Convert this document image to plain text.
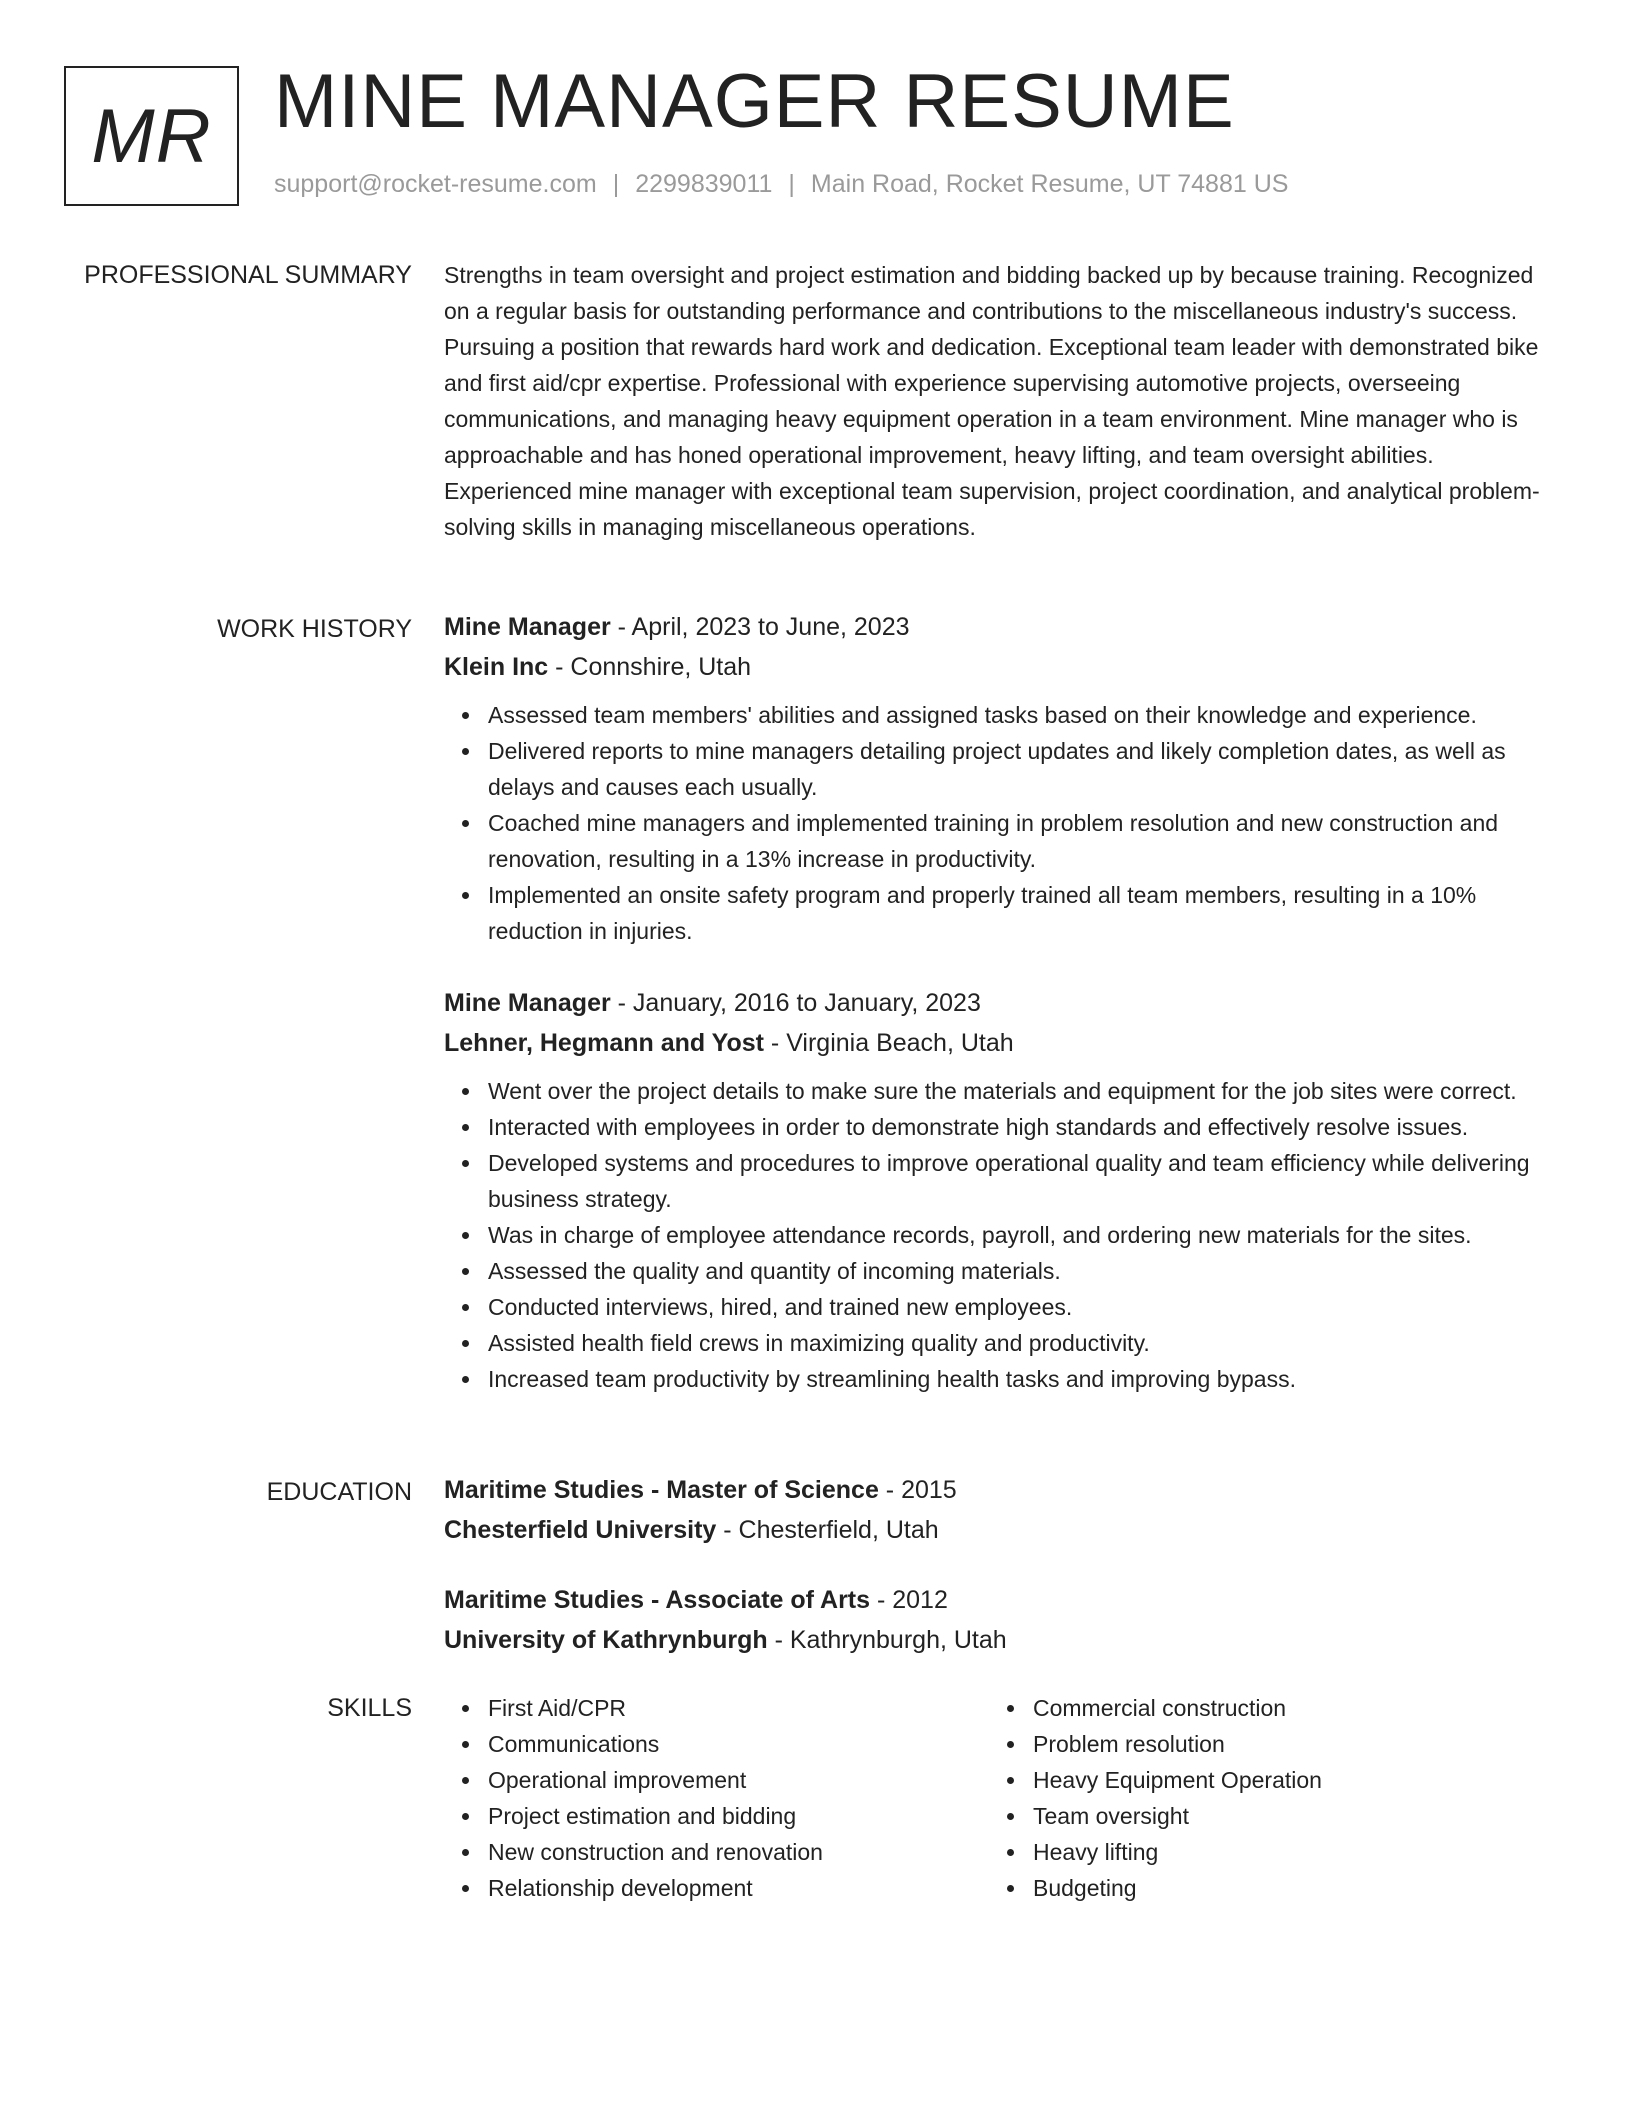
MR MINE MANAGER RESUME
support@rocket-resume.com | 2299839011 | Main Road, Rocket Resume, UT 74881 US
PROFESSIONAL SUMMARY Strengths in team oversight and project estimation and bidding backed up by because training. Recognized on a regular basis for outstanding performance and contributions to the miscellaneous industry's success. Pursuing a position that rewards hard work and dedication. Exceptional team leader with demonstrated bike and first aid/cpr expertise. Professional with experience supervising automotive projects, overseeing communications, and managing heavy equipment operation in a team environment. Mine manager who is approachable and has honed operational improvement, heavy lifting, and team oversight abilities. Experienced mine manager with exceptional team supervision, project coordination, and analytical problem-solving skills in managing miscellaneous operations.

WORK HISTORY Mine Manager - April, 2023 to June, 2023
Klein Inc - Connshire, Utah
Assessed team members' abilities and assigned tasks based on their knowledge and experience.
Delivered reports to mine managers detailing project updates and likely completion dates, as well as delays and causes each usually.
Coached mine managers and implemented training in problem resolution and new construction and renovation, resulting in a 13% increase in productivity.
Implemented an onsite safety program and properly trained all team members, resulting in a 10% reduction in injuries.
Mine Manager - January, 2016 to January, 2023
Lehner, Hegmann and Yost - Virginia Beach, Utah
Went over the project details to make sure the materials and equipment for the job sites were correct.
Interacted with employees in order to demonstrate high standards and effectively resolve issues.
Developed systems and procedures to improve operational quality and team efficiency while delivering business strategy.
Was in charge of employee attendance records, payroll, and ordering new materials for the sites.
Assessed the quality and quantity of incoming materials.
Conducted interviews, hired, and trained new employees.
Assisted health field crews in maximizing quality and productivity.
Increased team productivity by streamlining health tasks and improving bypass.
EDUCATION Maritime Studies - Master of Science - 2015
Chesterfield University - Chesterfield, Utah
Maritime Studies - Associate of Arts - 2012
University of Kathrynburgh - Kathrynburgh, Utah
SKILLS	First Aid/CPR
Communications
Operational improvement
Project estimation and bidding
New construction and renovation
Relationship development
Commercial construction
Problem resolution
Heavy Equipment Operation
Team oversight
Heavy lifting
Budgeting
